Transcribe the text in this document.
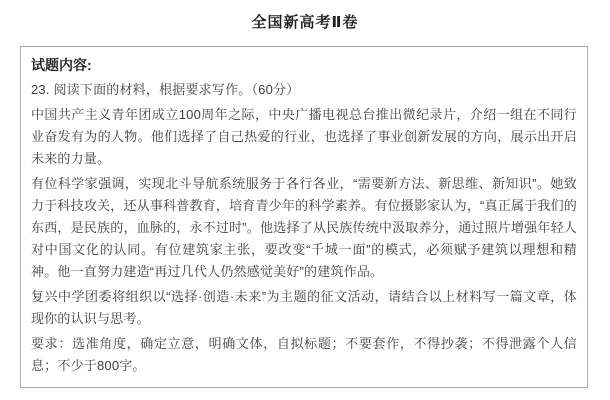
全国新高考Ⅱ卷
试题内容:

23. 阅读下面的材料，根据要求写作。（60分）

中国共产主义青年团成立100周年之际，中央广播电视总台推出微纪录片，介绍一组在不同行业奋发有为的人物。他们选择了自己热爱的行业，也选择了事业创新发展的方向，展示出开启未来的力量。

有位科学家强调，实现北斗导航系统服务于各行各业，“需要新方法、新思维、新知识”。她致力于科技攻关，还从事科普教育，培育青少年的科学素养。有位摄影家认为，“真正属于我们的东西，是民族的，血脉的，永不过时”。他选择了从民族传统中汲取养分，通过照片增强年轻人对中国文化的认同。有位建筑家主张，要改变“千城一面”的模式，必须赋予建筑以理想和精神。他一直努力建造“再过几代人仍然感觉美好”的建筑作品。

复兴中学团委将组织以“选择·创造·未来”为主题的征文活动，请结合以上材料写一篇文章，体现你的认识与思考。

要求：选准角度，确定立意，明确文体，自拟标题；不要套作，不得抄袭；不得泄露个人信息；不少于800字。
